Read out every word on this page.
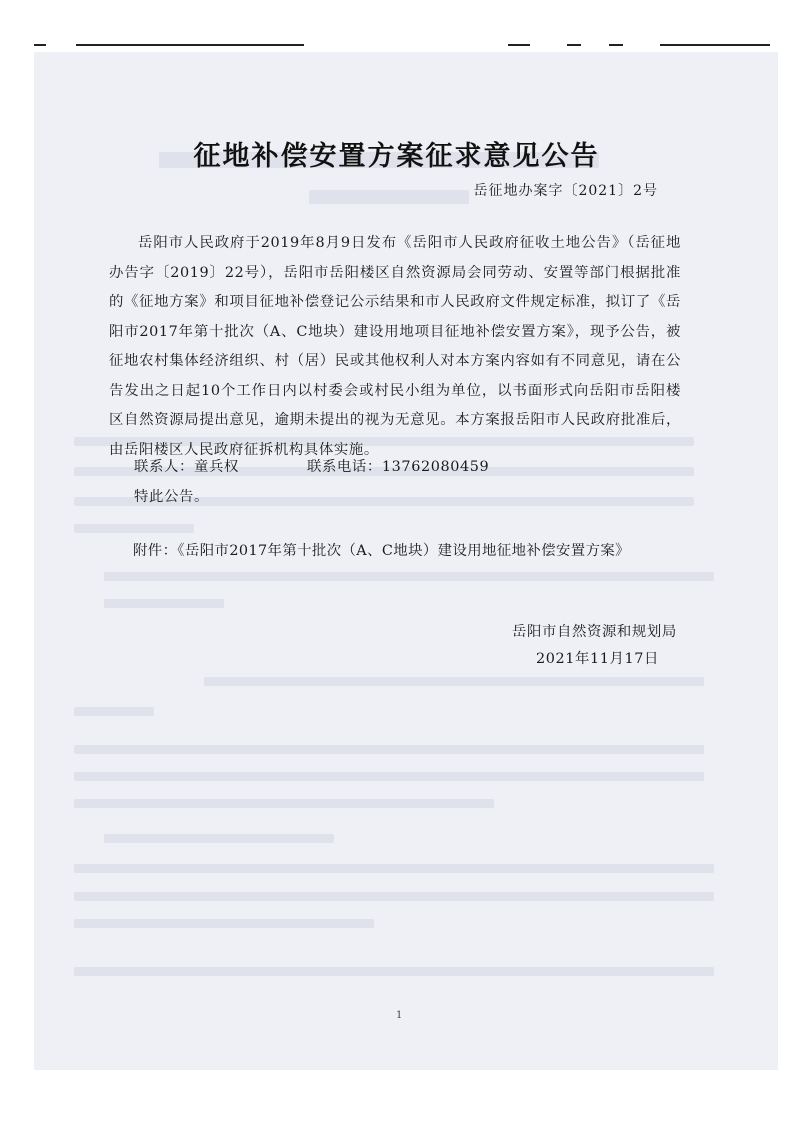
征地补偿安置方案征求意见公告
岳征地办案字〔2021〕2号

岳阳市人民政府于2019年8月9日发布《岳阳市人民政府征收土地公告》（岳征地办告字〔2019〕22号），岳阳市岳阳楼区自然资源局会同劳动、安置等部门根据批准的《征地方案》和项目征地补偿登记公示结果和市人民政府文件规定标准，拟订了《岳阳市2017年第十批次（A、C地块）建设用地项目征地补偿安置方案》，现予公告，被征地农村集体经济组织、村（居）民或其他权利人对本方案内容如有不同意见，请在公告发出之日起10个工作日内以村委会或村民小组为单位，以书面形式向岳阳市岳阳楼区自然资源局提出意见，逾期未提出的视为无意见。本方案报岳阳市人民政府批准后，由岳阳楼区人民政府征拆机构具体实施。

联系人：童兵权	联系电话：13762080459
特此公告。
附件：《岳阳市2017年第十批次（A、C地块）建设用地征地补偿安置方案》
岳阳市自然资源和规划局
2021年11月17日
1
